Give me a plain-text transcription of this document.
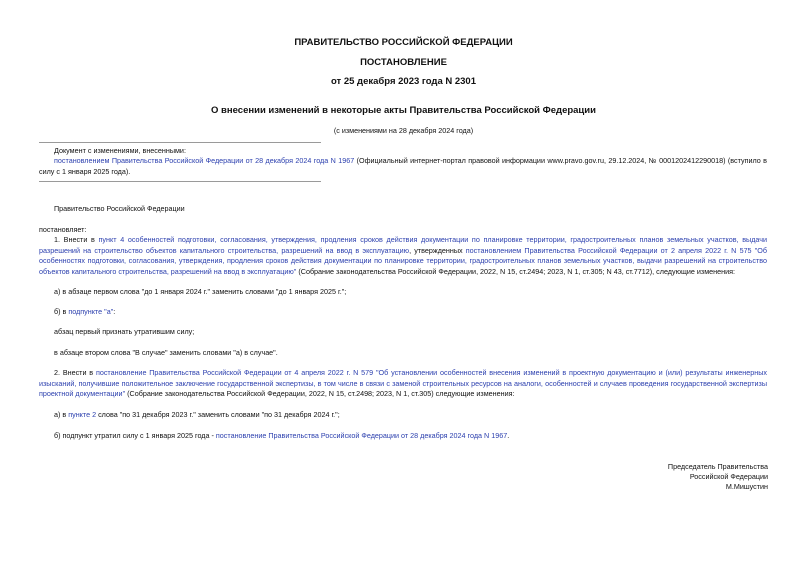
ПРАВИТЕЛЬСТВО РОССИЙСКОЙ ФЕДЕРАЦИИ
ПОСТАНОВЛЕНИЕ
от 25 декабря 2023 года N 2301
О внесении изменений в некоторые акты Правительства Российской Федерации
(с изменениями на 28 декабря 2024 года)
Документ с изменениями, внесенными:
постановлением Правительства Российской Федерации от 28 декабря 2024 года N 1967 (Официальный интернет-портал правовой информации www.pravo.gov.ru, 29.12.2024, № 0001202412290018) (вступило в силу с 1 января 2025 года).
Правительство Российской Федерации
постановляет:
1. Внести в пункт 4 особенностей подготовки, согласования, утверждения, продления сроков действия документации по планировке территории, градостроительных планов земельных участков, выдачи разрешений на строительство объектов капитального строительства, разрешений на ввод в эксплуатацию, утвержденных постановлением Правительства Российской Федерации от 2 апреля 2022 г. N 575 "Об особенностях подготовки, согласования, утверждения, продления сроков действия документации по планировке территории, градостроительных планов земельных участков, выдачи разрешений на строительство объектов капитального строительства, разрешений на ввод в эксплуатацию" (Собрание законодательства Российской Федерации, 2022, N 15, ст.2494; 2023, N 1, ст.305; N 43, ст.7712), следующие изменения:
а) в абзаце первом слова "до 1 января 2024 г." заменить словами "до 1 января 2025 г.";
б) в подпункте "а":
абзац первый признать утратившим силу;
в абзаце втором слова "В случае" заменить словами "а) в случае".
2. Внести в постановление Правительства Российской Федерации от 4 апреля 2022 г. N 579 "Об установлении особенностей внесения изменений в проектную документацию и (или) результаты инженерных изысканий, получившие положительное заключение государственной экспертизы, в том числе в связи с заменой строительных ресурсов на аналоги, особенностей и случаев проведения государственной экспертизы проектной документации" (Собрание законодательства Российской Федерации, 2022, N 15, ст.2498; 2023, N 1, ст.305) следующие изменения:
а) в пункте 2 слова "по 31 декабря 2023 г." заменить словами "по 31 декабря 2024 г.";
б) подпункт утратил силу с 1 января 2025 года - постановление Правительства Российской Федерации от 28 декабря 2024 года N 1967.
Председатель Правительства
Российской Федерации
М.Мишустин
